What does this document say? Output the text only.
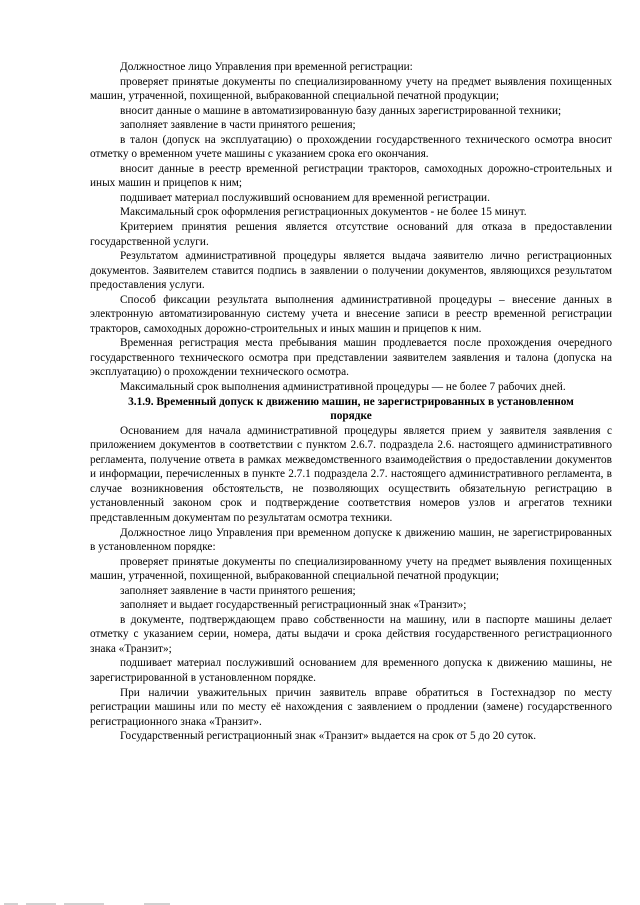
Должностное лицо Управления при временной регистрации:

проверяет принятые документы по специализированному учету на предмет выявления похищенных машин, утраченной, похищенной, выбракованной специальной печатной продукции;

вносит данные о машине в автоматизированную базу данных зарегистрированной техники;

заполняет заявление в части принятого решения;

в талон (допуск на эксплуатацию) о прохождении государственного технического осмотра вносит отметку о временном учете машины с указанием срока его окончания.

вносит данные в реестр временной регистрации тракторов, самоходных дорожно-строительных и иных машин и прицепов к ним;

подшивает материал послуживший основанием для временной регистрации.

Максимальный срок оформления регистрационных документов - не более 15 минут.

Критерием принятия решения является отсутствие оснований для отказа в предоставлении государственной услуги.

Результатом административной процедуры является выдача заявителю лично регистрационных документов. Заявителем ставится подпись в заявлении о получении документов, являющихся результатом предоставления услуги.

Способ фиксации результата выполнения административной процедуры – внесение данных в электронную автоматизированную систему учета и внесение записи в реестр временной регистрации тракторов, самоходных дорожно-строительных и иных машин и прицепов к ним.

Временная регистрация места пребывания машин продлевается после прохождения очередного государственного технического осмотра при представлении заявителем заявления и талона (допуска на эксплуатацию) о прохождении технического осмотра.

Максимальный срок выполнения административной процедуры — не более 7 рабочих дней.

3.1.9. Временный допуск к движению машин, не зарегистрированных в установленном порядке

Основанием для начала административной процедуры является прием у заявителя заявления с приложением документов в соответствии с пунктом 2.6.7. подраздела 2.6. настоящего административного регламента, получение ответа в рамках межведомственного взаимодействия о предоставлении документов и информации, перечисленных в пункте 2.7.1 подраздела 2.7. настоящего административного регламента, в случае возникновения обстоятельств, не позволяющих осуществить обязательную регистрацию в установленный законом срок и подтверждение соответствия номеров узлов и агрегатов техники представленным документам по результатам осмотра техники.

Должностное лицо Управления при временном допуске к движению машин, не зарегистрированных в установленном порядке:

проверяет принятые документы по специализированному учету на предмет выявления похищенных машин, утраченной, похищенной, выбракованной специальной печатной продукции;

заполняет заявление в части принятого решения;

заполняет и выдает государственный регистрационный знак «Транзит»;

в документе, подтверждающем право собственности на машину, или в паспорте машины делает отметку с указанием серии, номера, даты выдачи и срока действия государственного регистрационного знака «Транзит»;

подшивает материал послуживший основанием для временного допуска к движению машины, не зарегистрированной в установленном порядке.

При наличии уважительных причин заявитель вправе обратиться в Гостехнадзор по месту регистрации машины или по месту её нахождения с заявлением о продлении (замене) государственного регистрационного знака «Транзит».

Государственный регистрационный знак «Транзит» выдается на срок от 5 до 20 суток.
